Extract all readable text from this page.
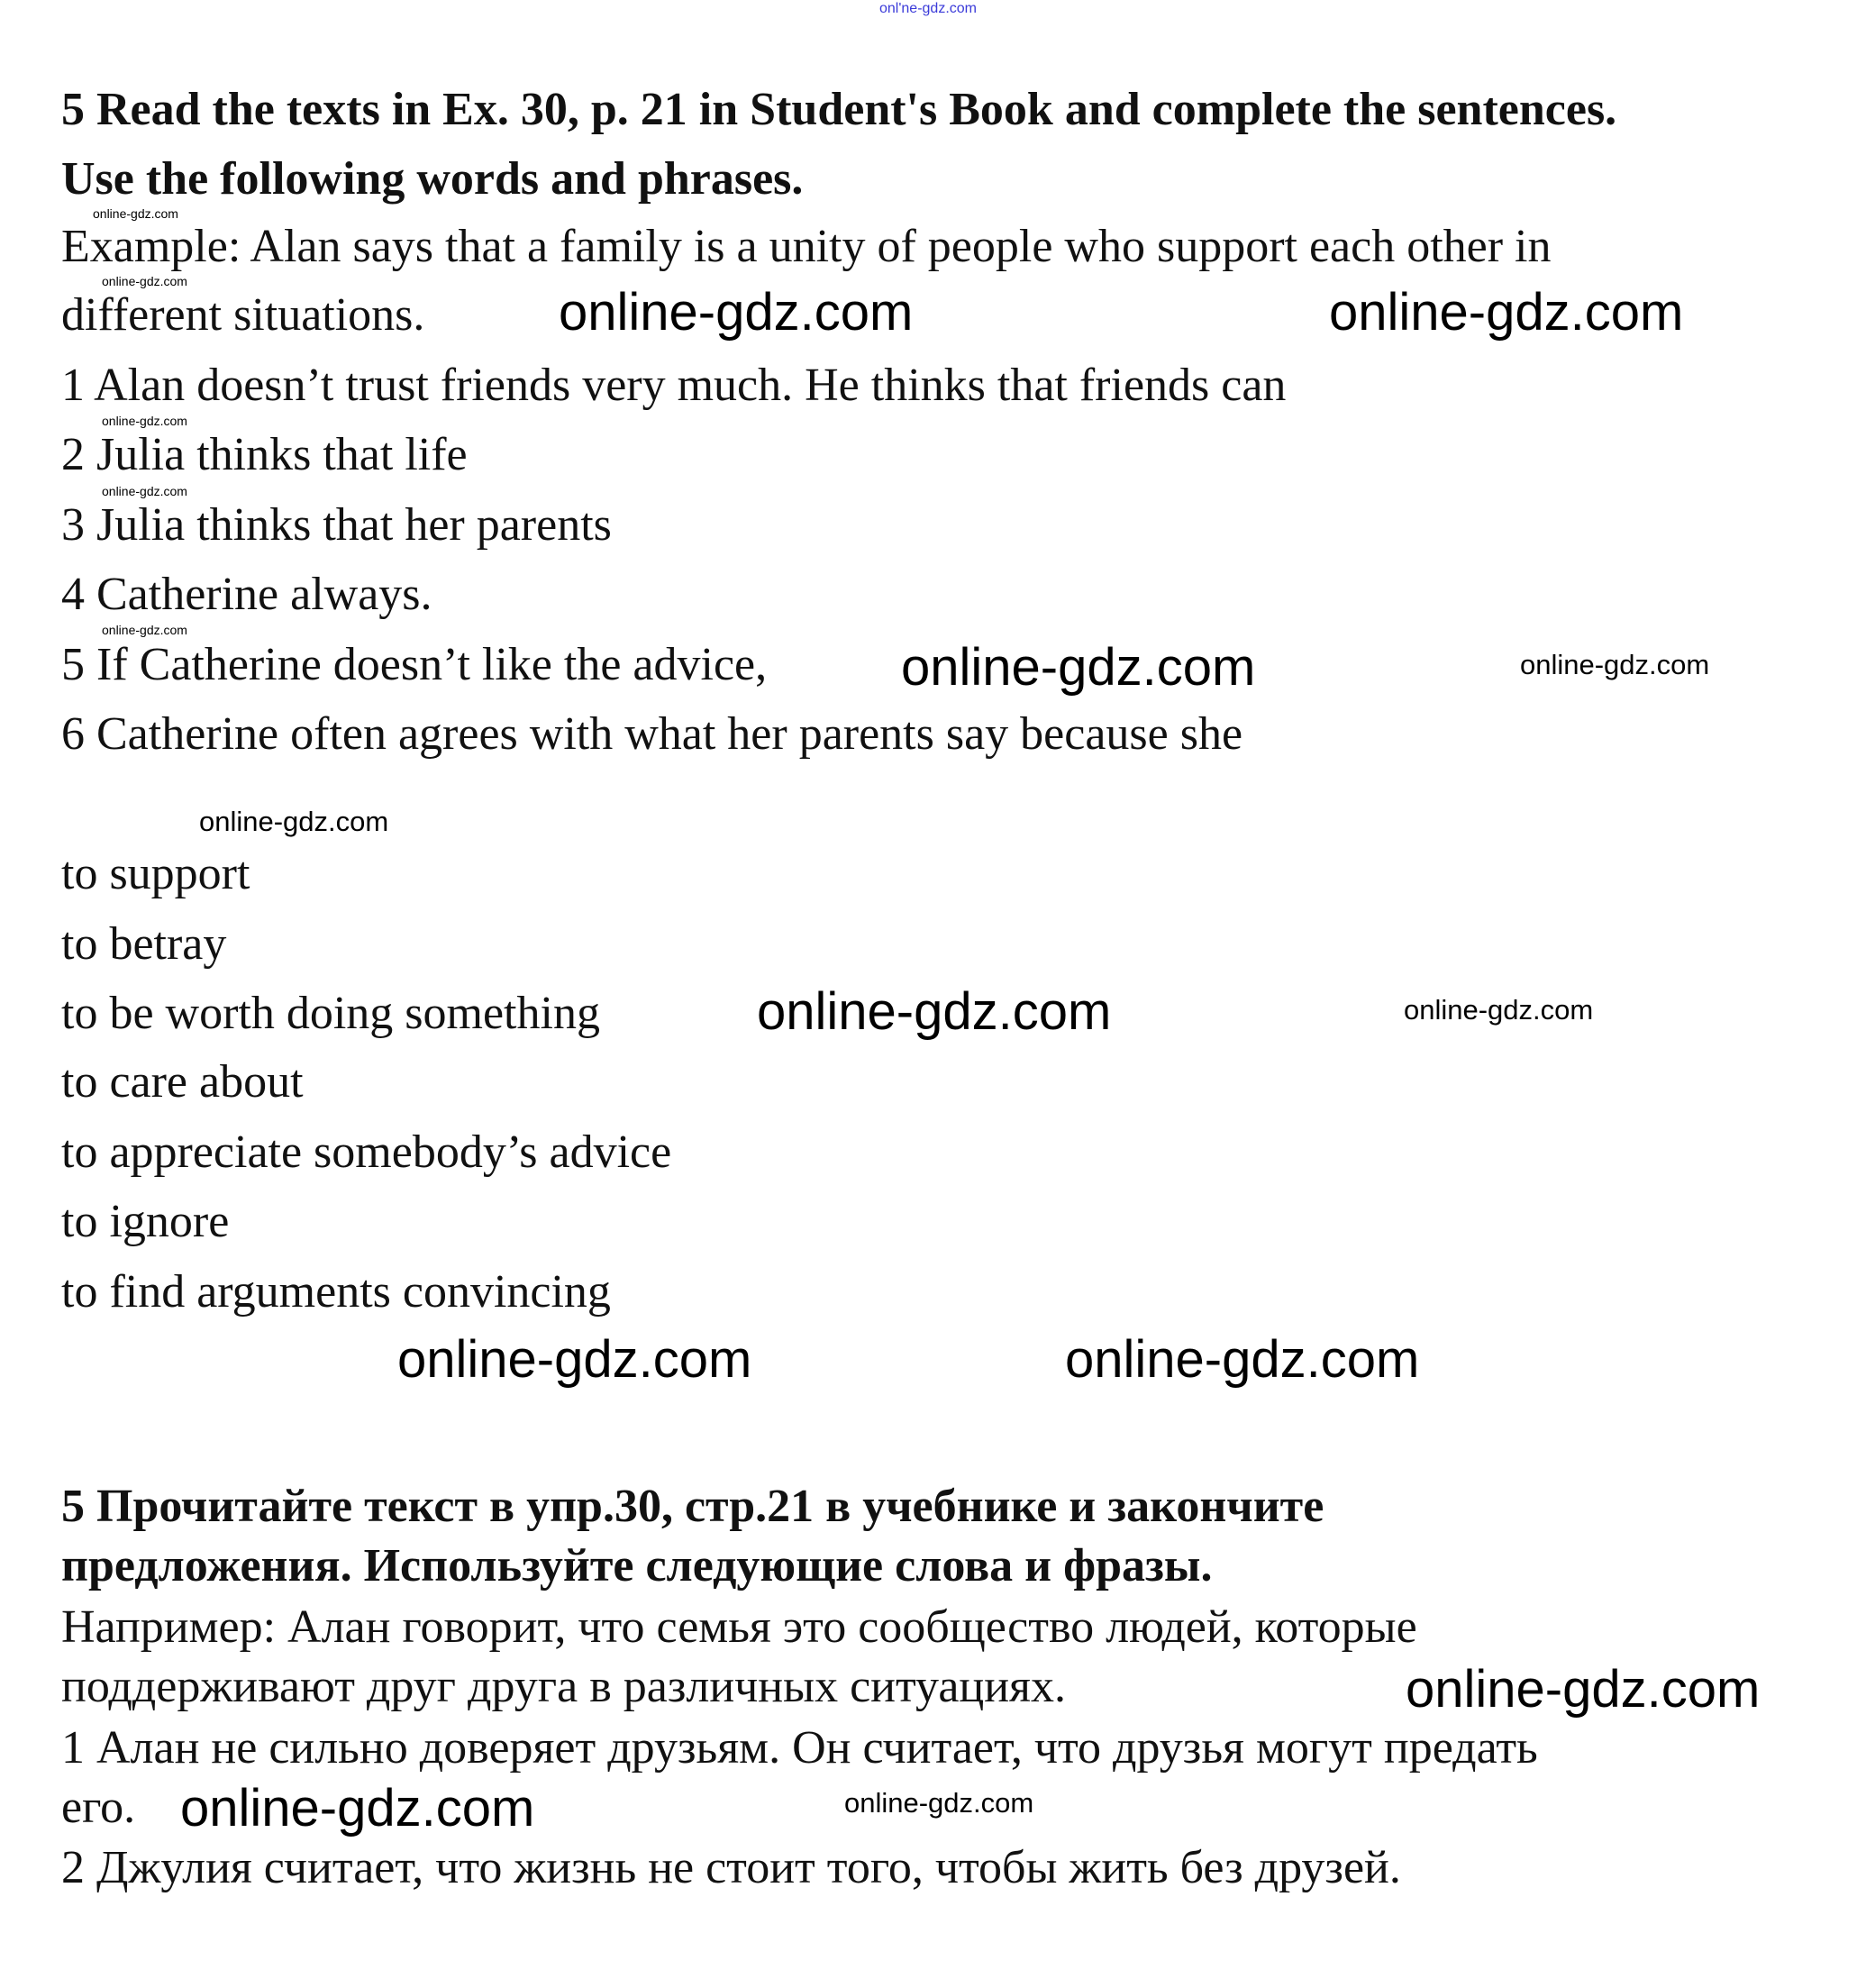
5 Read the texts in Ex. 30, p. 21 in Student's Book and complete the sentences.
Use the following words and phrases.
Example: Alan says that a family is a unity of people who support each other in
different situations.
1 Alan doesn’t trust friends very much. He thinks that friends can
2 Julia thinks that life
3 Julia thinks that her parents
4 Catherine always.
5 If Catherine doesn’t like the advice,
6 Catherine often agrees with what her parents say because she
to support
to betray
to be worth doing something
to care about
to appreciate somebody’s advice
to ignore
to find arguments convincing
5 Прочитайте текст в упр.30, стр.21 в учебнике и закончите
предложения. Используйте следующие слова и фразы.
Например: Алан говорит, что семья это сообщество людей, которые
поддерживают друг друга в различных ситуациях.
1 Алан не сильно доверяет друзьям. Он считает, что друзья могут предать
его.
2 Джулия считает, что жизнь не стоит того, чтобы жить без друзей.
onl'ne-gdz.com
online-gdz.com	online-gdz.com
online-gdz.com
online-gdz.com
online-gdz.com	online-gdz.com
online-gdz.com
online-gdz.com
online-gdz.com
online-gdz.com
online-gdz.com
online-gdz.com
online-gdz.com
online-gdz.com
online-gdz.com
online-gdz.com
online-gdz.com
